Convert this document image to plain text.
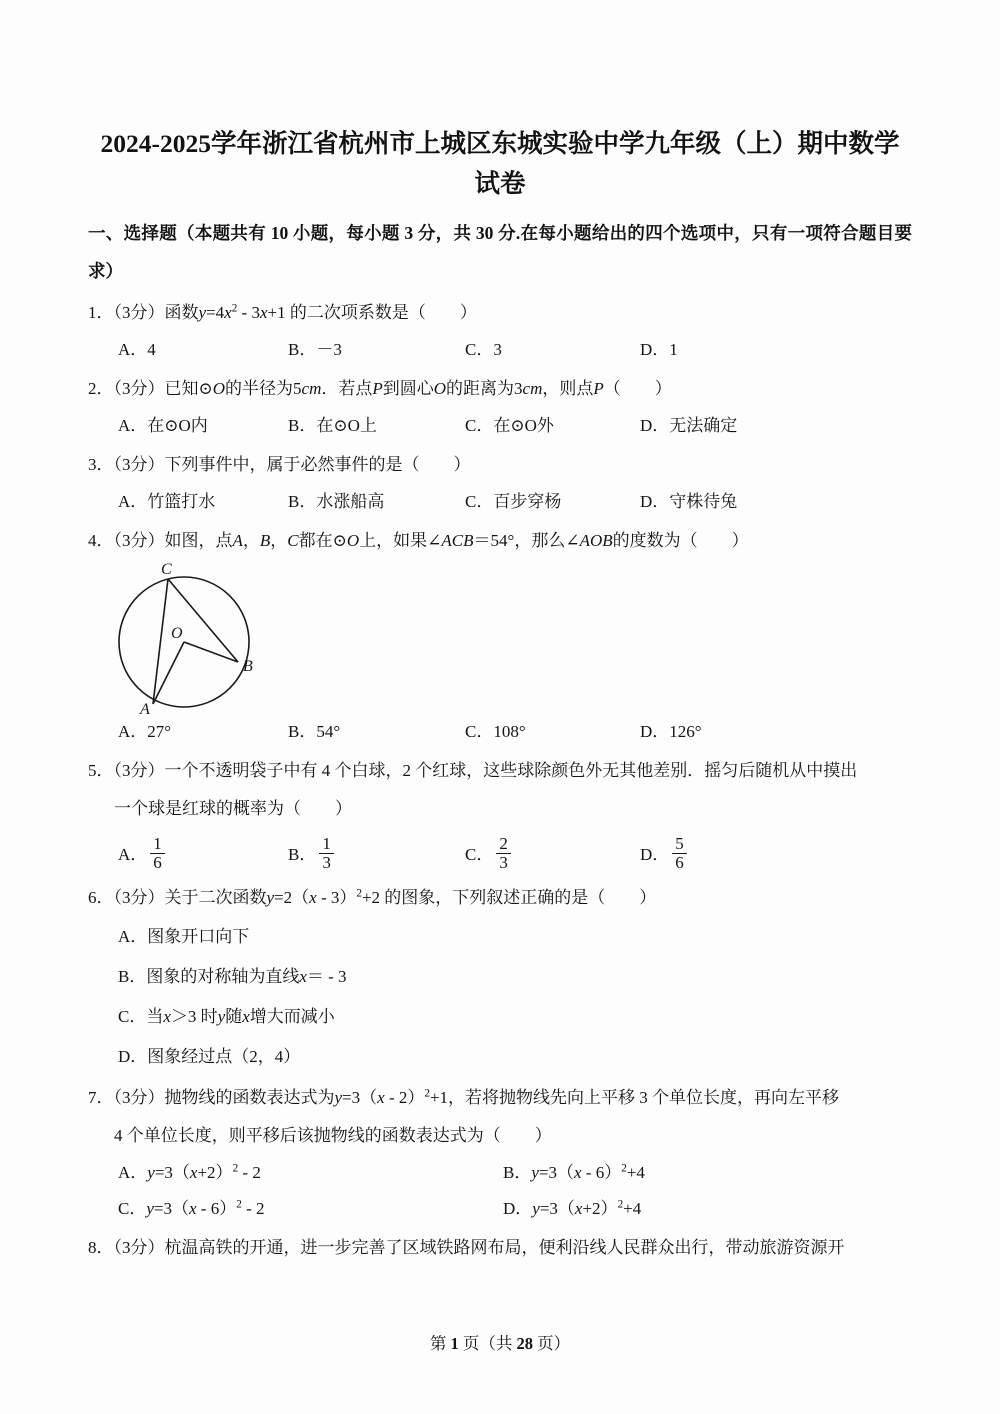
2024-2025学年浙江省杭州市上城区东城实验中学九年级（上）期中数学试卷
一、选择题（本题共有 10 小题，每小题 3 分，共 30 分.在每小题给出的四个选项中，只有一项符合题目要求）
1．（3分）函数$y=4x^2 - 3x+1$ 的二次项系数是（　　）
A．4	B．－3	C．3	D．1
2．（3分）已知⊙O的半径为5cm．若点P到圆心O的距离为3cm，则点P（　　）
A．在⊙O内	B．在⊙O上	C．在⊙O外	D．无法确定
3．（3分）下列事件中，属于必然事件的是（　　）
A．竹篮打水	B．水涨船高	C．百步穿杨	D．守株待兔
4．（3分）如图，点A，B，C都在⊙O上，如果∠ACB＝54°，那么∠AOB的度数为（　　）
C
O
B
A
A．27°	B．54°	C．108°	D．126°
5．（3分）一个不透明袋子中有 4 个白球，2 个红球，这些球除颜色外无其他差别．摇匀后随机从中摸出
一个球是红球的概率为（　　）
A． $\frac{1}{6}$	B． $\frac{1}{3}$	C． $\frac{2}{3}$	D． $\frac{5}{6}$
6．（3分）关于二次函数y=2（x - 3）$^2$+2 的图象，下列叙述正确的是（　　）
A．图象开口向下
B．图象的对称轴为直线x＝ - 3
C．当x＞3 时y随x增大而减小
D．图象经过点（2，4）
7．（3分）抛物线的函数表达式为y=3（x - 2）$^2$+1，若将抛物线先向上平移 3 个单位长度，再向左平移
4 个单位长度，则平移后该抛物线的函数表达式为（　　）
A．$y=3(x+2)^2 - 2$	B．y=3（x - 6）$^2$+4
C．y=3（x - 6）$^2$ - 2	D．$y=3(x+2)^2+4$
8．（3分）杭温高铁的开通，进一步完善了区域铁路网布局，便利沿线人民群众出行，带动旅游资源开
第 1 页（共 28 页）
